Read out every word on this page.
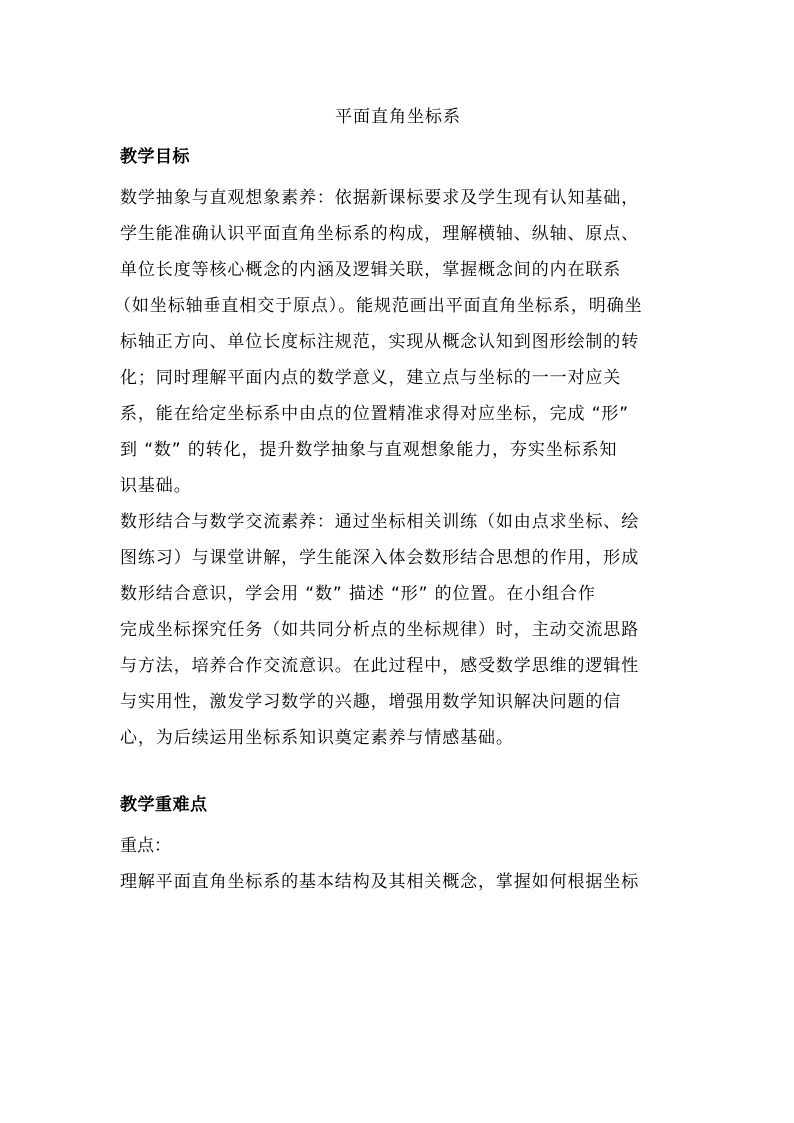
平面直角坐标系
教学目标

数学抽象与直观想象素养：依据新课标要求及学生现有认知基础，
学生能准确认识平面直角坐标系的构成，理解横轴、纵轴、原点、
单位长度等核心概念的内涵及逻辑关联，掌握概念间的内在联系
（如坐标轴垂直相交于原点）。能规范画出平面直角坐标系，明确坐
标轴正方向、单位长度标注规范，实现从概念认知到图形绘制的转
化；同时理解平面内点的数学意义，建立点与坐标的一一对应关
系，能在给定坐标系中由点的位置精准求得对应坐标，完成 “形”
到 “数” 的转化，提升数学抽象与直观想象能力，夯实坐标系知
识基础。

数形结合与数学交流素养：通过坐标相关训练（如由点求坐标、绘
图练习）与课堂讲解，学生能深入体会数形结合思想的作用，形成
数形结合意识，学会用 “数” 描述 “形” 的位置。在小组合作
完成坐标探究任务（如共同分析点的坐标规律）时，主动交流思路
与方法，培养合作交流意识。在此过程中，感受数学思维的逻辑性
与实用性，激发学习数学的兴趣，增强用数学知识解决问题的信
心，为后续运用坐标系知识奠定素养与情感基础。

教学重难点

重点：

理解平面直角坐标系的基本结构及其相关概念，掌握如何根据坐标
